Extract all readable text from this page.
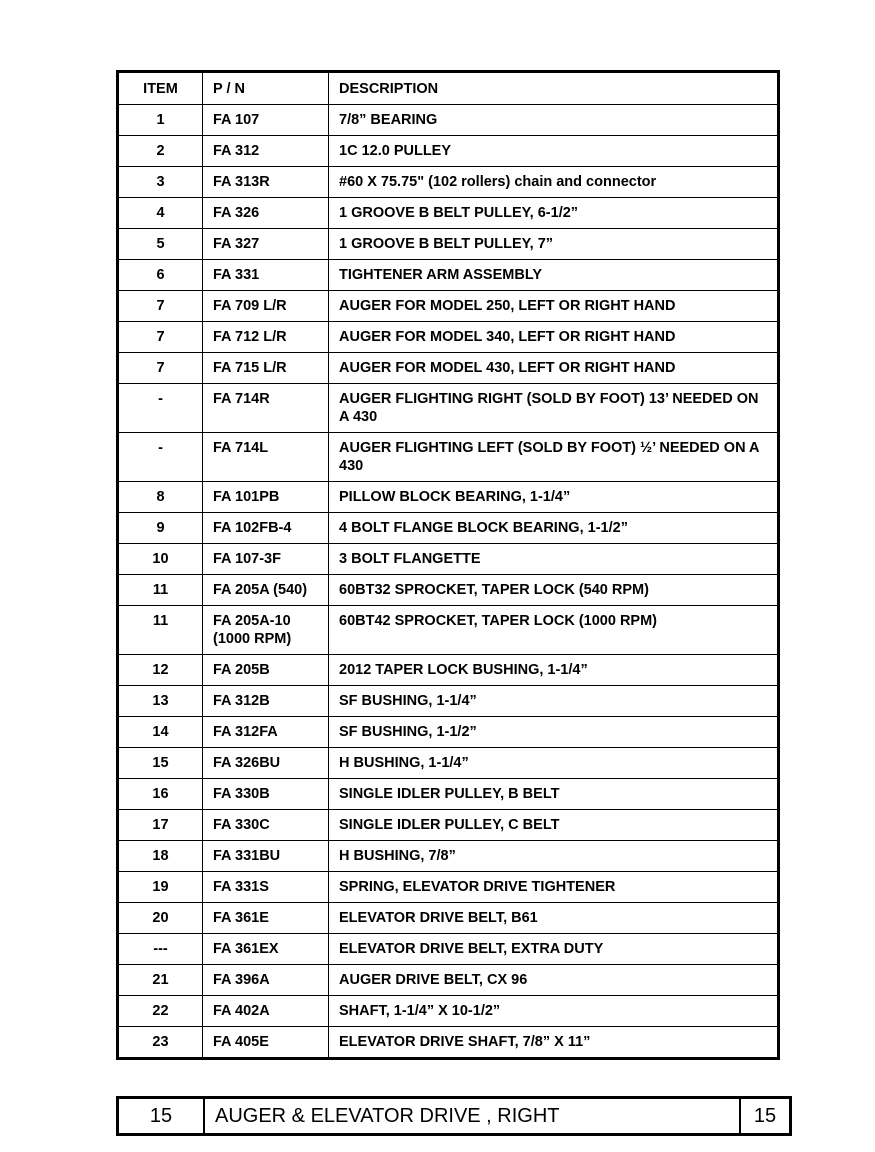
ITEM	P / N	DESCRIPTION
1	FA 107	7/8” BEARING
2	FA 312	1C 12.0 PULLEY
3	FA 313R	#60 X 75.75" (102 rollers) chain and connector
4	FA 326	1 GROOVE B BELT PULLEY, 6-1/2”
5	FA 327	1 GROOVE B BELT PULLEY, 7”
6	FA 331	TIGHTENER ARM ASSEMBLY
7	FA 709 L/R	AUGER FOR MODEL 250, LEFT OR RIGHT HAND
7	FA 712 L/R	AUGER FOR MODEL 340, LEFT OR RIGHT HAND
7	FA 715 L/R	AUGER FOR MODEL 430, LEFT OR RIGHT HAND
-	FA 714R	AUGER FLIGHTING RIGHT (SOLD BY FOOT) 13’ NEEDED ON A 430
-	FA 714L	AUGER FLIGHTING LEFT (SOLD BY FOOT) ½’ NEEDED ON A 430
8	FA 101PB	PILLOW BLOCK BEARING, 1-1/4”
9	FA 102FB-4	4 BOLT FLANGE BLOCK BEARING, 1-1/2”
10	FA 107-3F	3 BOLT FLANGETTE
11	FA 205A (540)	60BT32 SPROCKET, TAPER LOCK (540 RPM)
11	FA 205A-10 (1000 RPM)	60BT42 SPROCKET, TAPER LOCK (1000 RPM)
12	FA 205B	2012 TAPER LOCK BUSHING, 1-1/4”
13	FA 312B	SF BUSHING, 1-1/4”
14	FA 312FA	SF BUSHING, 1-1/2”
15	FA 326BU	H BUSHING, 1-1/4”
16	FA 330B	SINGLE IDLER PULLEY, B BELT
17	FA 330C	SINGLE IDLER PULLEY, C BELT
18	FA 331BU	H BUSHING, 7/8”
19	FA 331S	SPRING, ELEVATOR DRIVE TIGHTENER
20	FA 361E	ELEVATOR DRIVE BELT, B61
---	FA 361EX	ELEVATOR DRIVE BELT, EXTRA DUTY
21	FA 396A	AUGER DRIVE BELT, CX 96
22	FA 402A	SHAFT, 1-1/4” X 10-1/2”
23	FA 405E	ELEVATOR DRIVE SHAFT, 7/8” X 11”
15	AUGER & ELEVATOR DRIVE , RIGHT	15
